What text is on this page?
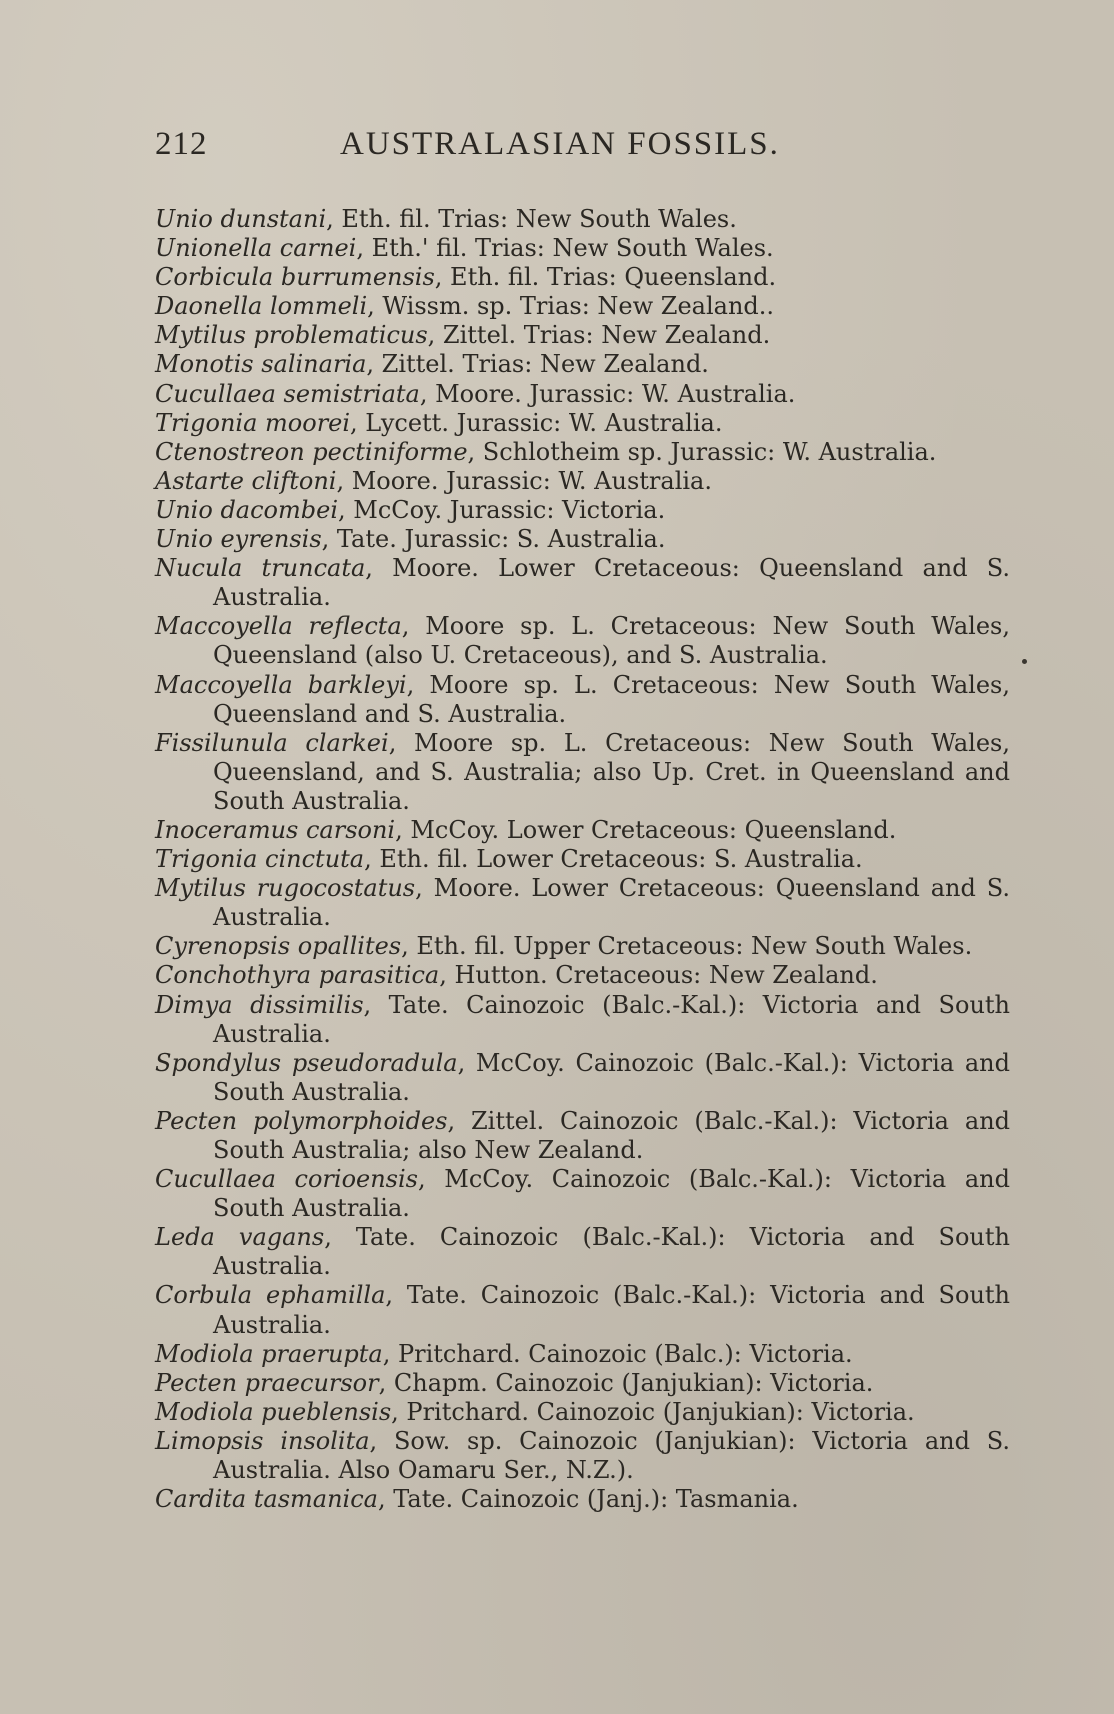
212	AUSTRALASIAN FOSSILS.
Unio dunstani, Eth. fil. Trias: New South Wales.
Unionella carnei, Eth.' fil. Trias: New South Wales.
Corbicula burrumensis, Eth. fil. Trias: Queensland.
Daonella lommeli, Wissm. sp. Trias: New Zealand..
Mytilus problematicus, Zittel. Trias: New Zealand.
Monotis salinaria, Zittel. Trias: New Zealand.
Cucullaea semistriata, Moore. Jurassic: W. Australia.
Trigonia moorei, Lycett. Jurassic: W. Australia.
Ctenostreon pectiniforme, Schlotheim sp. Jurassic: W. Australia.
Astarte cliftoni, Moore. Jurassic: W. Australia.
Unio dacombei, McCoy. Jurassic: Victoria.
Unio eyrensis, Tate. Jurassic: S. Australia.
Nucula truncata, Moore. Lower Cretaceous: Queensland and S. Australia.
Maccoyella reflecta, Moore sp. L. Cretaceous: New South Wales, Queensland (also U. Cretaceous), and S. Australia.
Maccoyella barkleyi, Moore sp. L. Cretaceous: New South Wales, Queensland and S. Australia.
Fissilunula clarkei, Moore sp. L. Cretaceous: New South Wales, Queensland, and S. Australia; also Up. Cret. in Queensland and South Australia.
Inoceramus carsoni, McCoy. Lower Cretaceous: Queensland.
Trigonia cinctuta, Eth. fil. Lower Cretaceous: S. Australia.
Mytilus rugocostatus, Moore. Lower Cretaceous: Queensland and S. Australia.
Cyrenopsis opallites, Eth. fil. Upper Cretaceous: New South Wales.
Conchothyra parasitica, Hutton. Cretaceous: New Zealand.
Dimya dissimilis, Tate. Cainozoic (Balc.-Kal.): Victoria and South Australia.
Spondylus pseudoradula, McCoy. Cainozoic (Balc.-Kal.): Victoria and South Australia.
Pecten polymorphoides, Zittel. Cainozoic (Balc.-Kal.): Victoria and South Australia; also New Zealand.
Cucullaea corioensis, McCoy. Cainozoic (Balc.-Kal.): Victoria and South Australia.
Leda vagans, Tate. Cainozoic (Balc.-Kal.): Victoria and South Australia.
Corbula ephamilla, Tate. Cainozoic (Balc.-Kal.): Victoria and South Australia.
Modiola praerupta, Pritchard. Cainozoic (Balc.): Victoria.
Pecten praecursor, Chapm. Cainozoic (Janjukian): Victoria.
Modiola pueblensis, Pritchard. Cainozoic (Janjukian): Victoria.
Limopsis insolita, Sow. sp. Cainozoic (Janjukian): Victoria and S. Australia. Also Oamaru Ser., N.Z.).
Cardita tasmanica, Tate. Cainozoic (Janj.): Tasmania.
